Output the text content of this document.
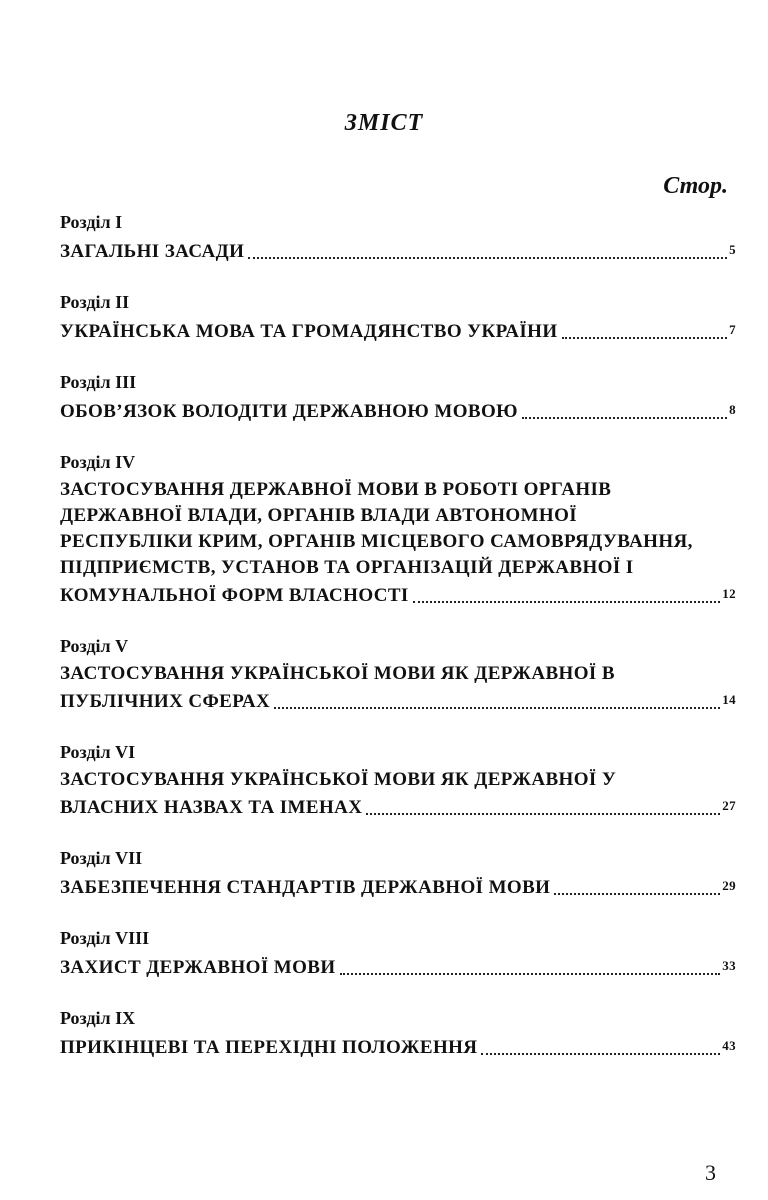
ЗМІСТ
Стор.
Розділ І
ЗАГАЛЬНІ ЗАСАДИ	5
Розділ ІІ
УКРАЇНСЬКА МОВА ТА ГРОМАДЯНСТВО УКРАЇНИ	7
Розділ ІІІ
ОБОВ’ЯЗОК ВОЛОДІТИ ДЕРЖАВНОЮ МОВОЮ	8
Розділ IV
ЗАСТОСУВАННЯ ДЕРЖАВНОЇ МОВИ В РОБОТІ ОРГАНІВ
ДЕРЖАВНОЇ ВЛАДИ, ОРГАНІВ ВЛАДИ АВТОНОМНОЇ
РЕСПУБЛІКИ КРИМ, ОРГАНІВ МІСЦЕВОГО САМОВРЯДУВАННЯ,
ПІДПРИЄМСТВ, УСТАНОВ ТА ОРГАНІЗАЦІЙ ДЕРЖАВНОЇ І
КОМУНАЛЬНОЇ ФОРМ ВЛАСНОСТІ	12
Розділ V
ЗАСТОСУВАННЯ УКРАЇНСЬКОЇ МОВИ ЯК ДЕРЖАВНОЇ В
ПУБЛІЧНИХ СФЕРАХ	14
Розділ VI
ЗАСТОСУВАННЯ УКРАЇНСЬКОЇ МОВИ ЯК ДЕРЖАВНОЇ У
ВЛАСНИХ НАЗВАХ ТА ІМЕНАХ	27
Розділ VII
ЗАБЕЗПЕЧЕННЯ СТАНДАРТІВ ДЕРЖАВНОЇ МОВИ	29
Розділ VIII
ЗАХИСТ ДЕРЖАВНОЇ МОВИ	33
Розділ IX
ПРИКІНЦЕВІ ТА ПЕРЕХІДНІ ПОЛОЖЕННЯ	43
3
